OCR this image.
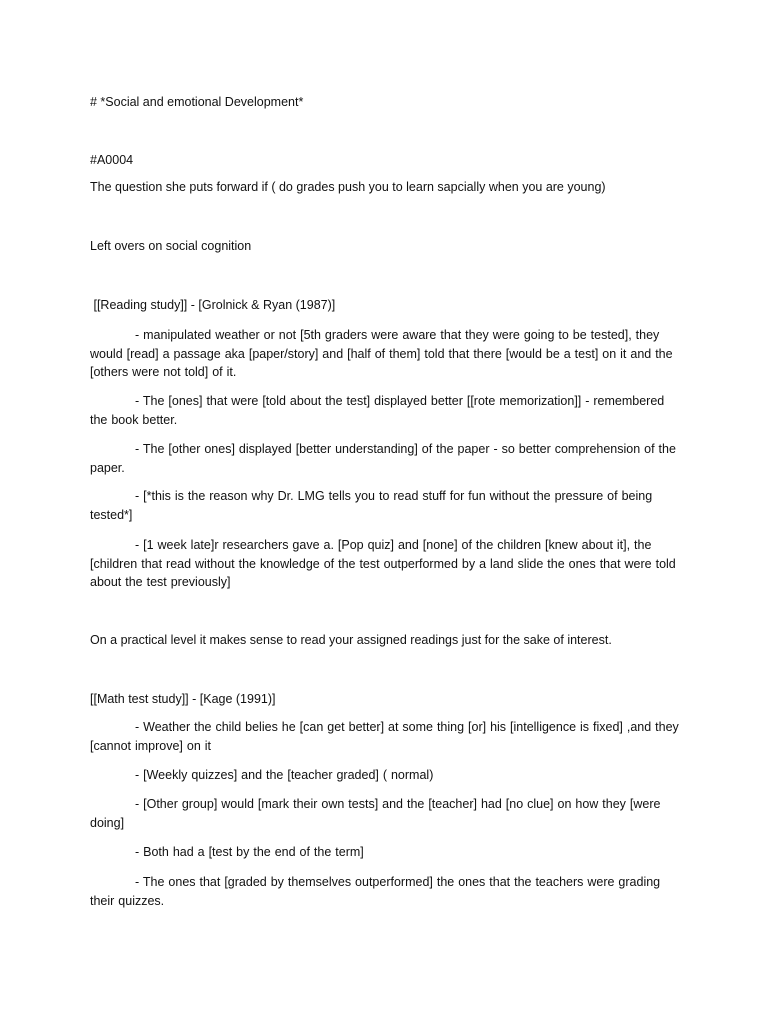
# *Social and emotional Development*

#A0004

The question she puts forward if ( do grades push you to learn sapcially when you are young)

Left overs on social cognition

[[Reading study]] - [Grolnick & Ryan (1987)]

- manipulated weather or not [5th graders were aware that they were going to be tested], they would [read] a passage aka [paper/story] and [half of them] told that there [would be a test] on it and the [others were not told] of it.

- The [ones] that were [told about the test] displayed better [[rote memorization]] - remembered the book better.

- The [other ones] displayed [better understanding] of the paper - so better comprehension of the paper.

- [*this is the reason why Dr. LMG tells you to read stuff for fun without the pressure of being tested*]

- [1 week late]r researchers gave a. [Pop quiz] and [none] of the children [knew about it], the [children that read without the knowledge of the test outperformed by a land slide the ones that were told about the test previously]

On a practical level it makes sense to read your assigned readings just for the sake of interest.

[[Math test study]] - [Kage (1991)]

- Weather the child belies he [can get better] at some thing [or] his [intelligence is fixed] ,and they [cannot improve] on it

- [Weekly quizzes] and the [teacher graded] ( normal)

- [Other group] would [mark their own tests] and the [teacher] had [no clue] on how they [were doing]

- Both had a [test by the end of the term]

- The ones that [graded by themselves outperformed] the ones that the teachers were grading their quizzes.
